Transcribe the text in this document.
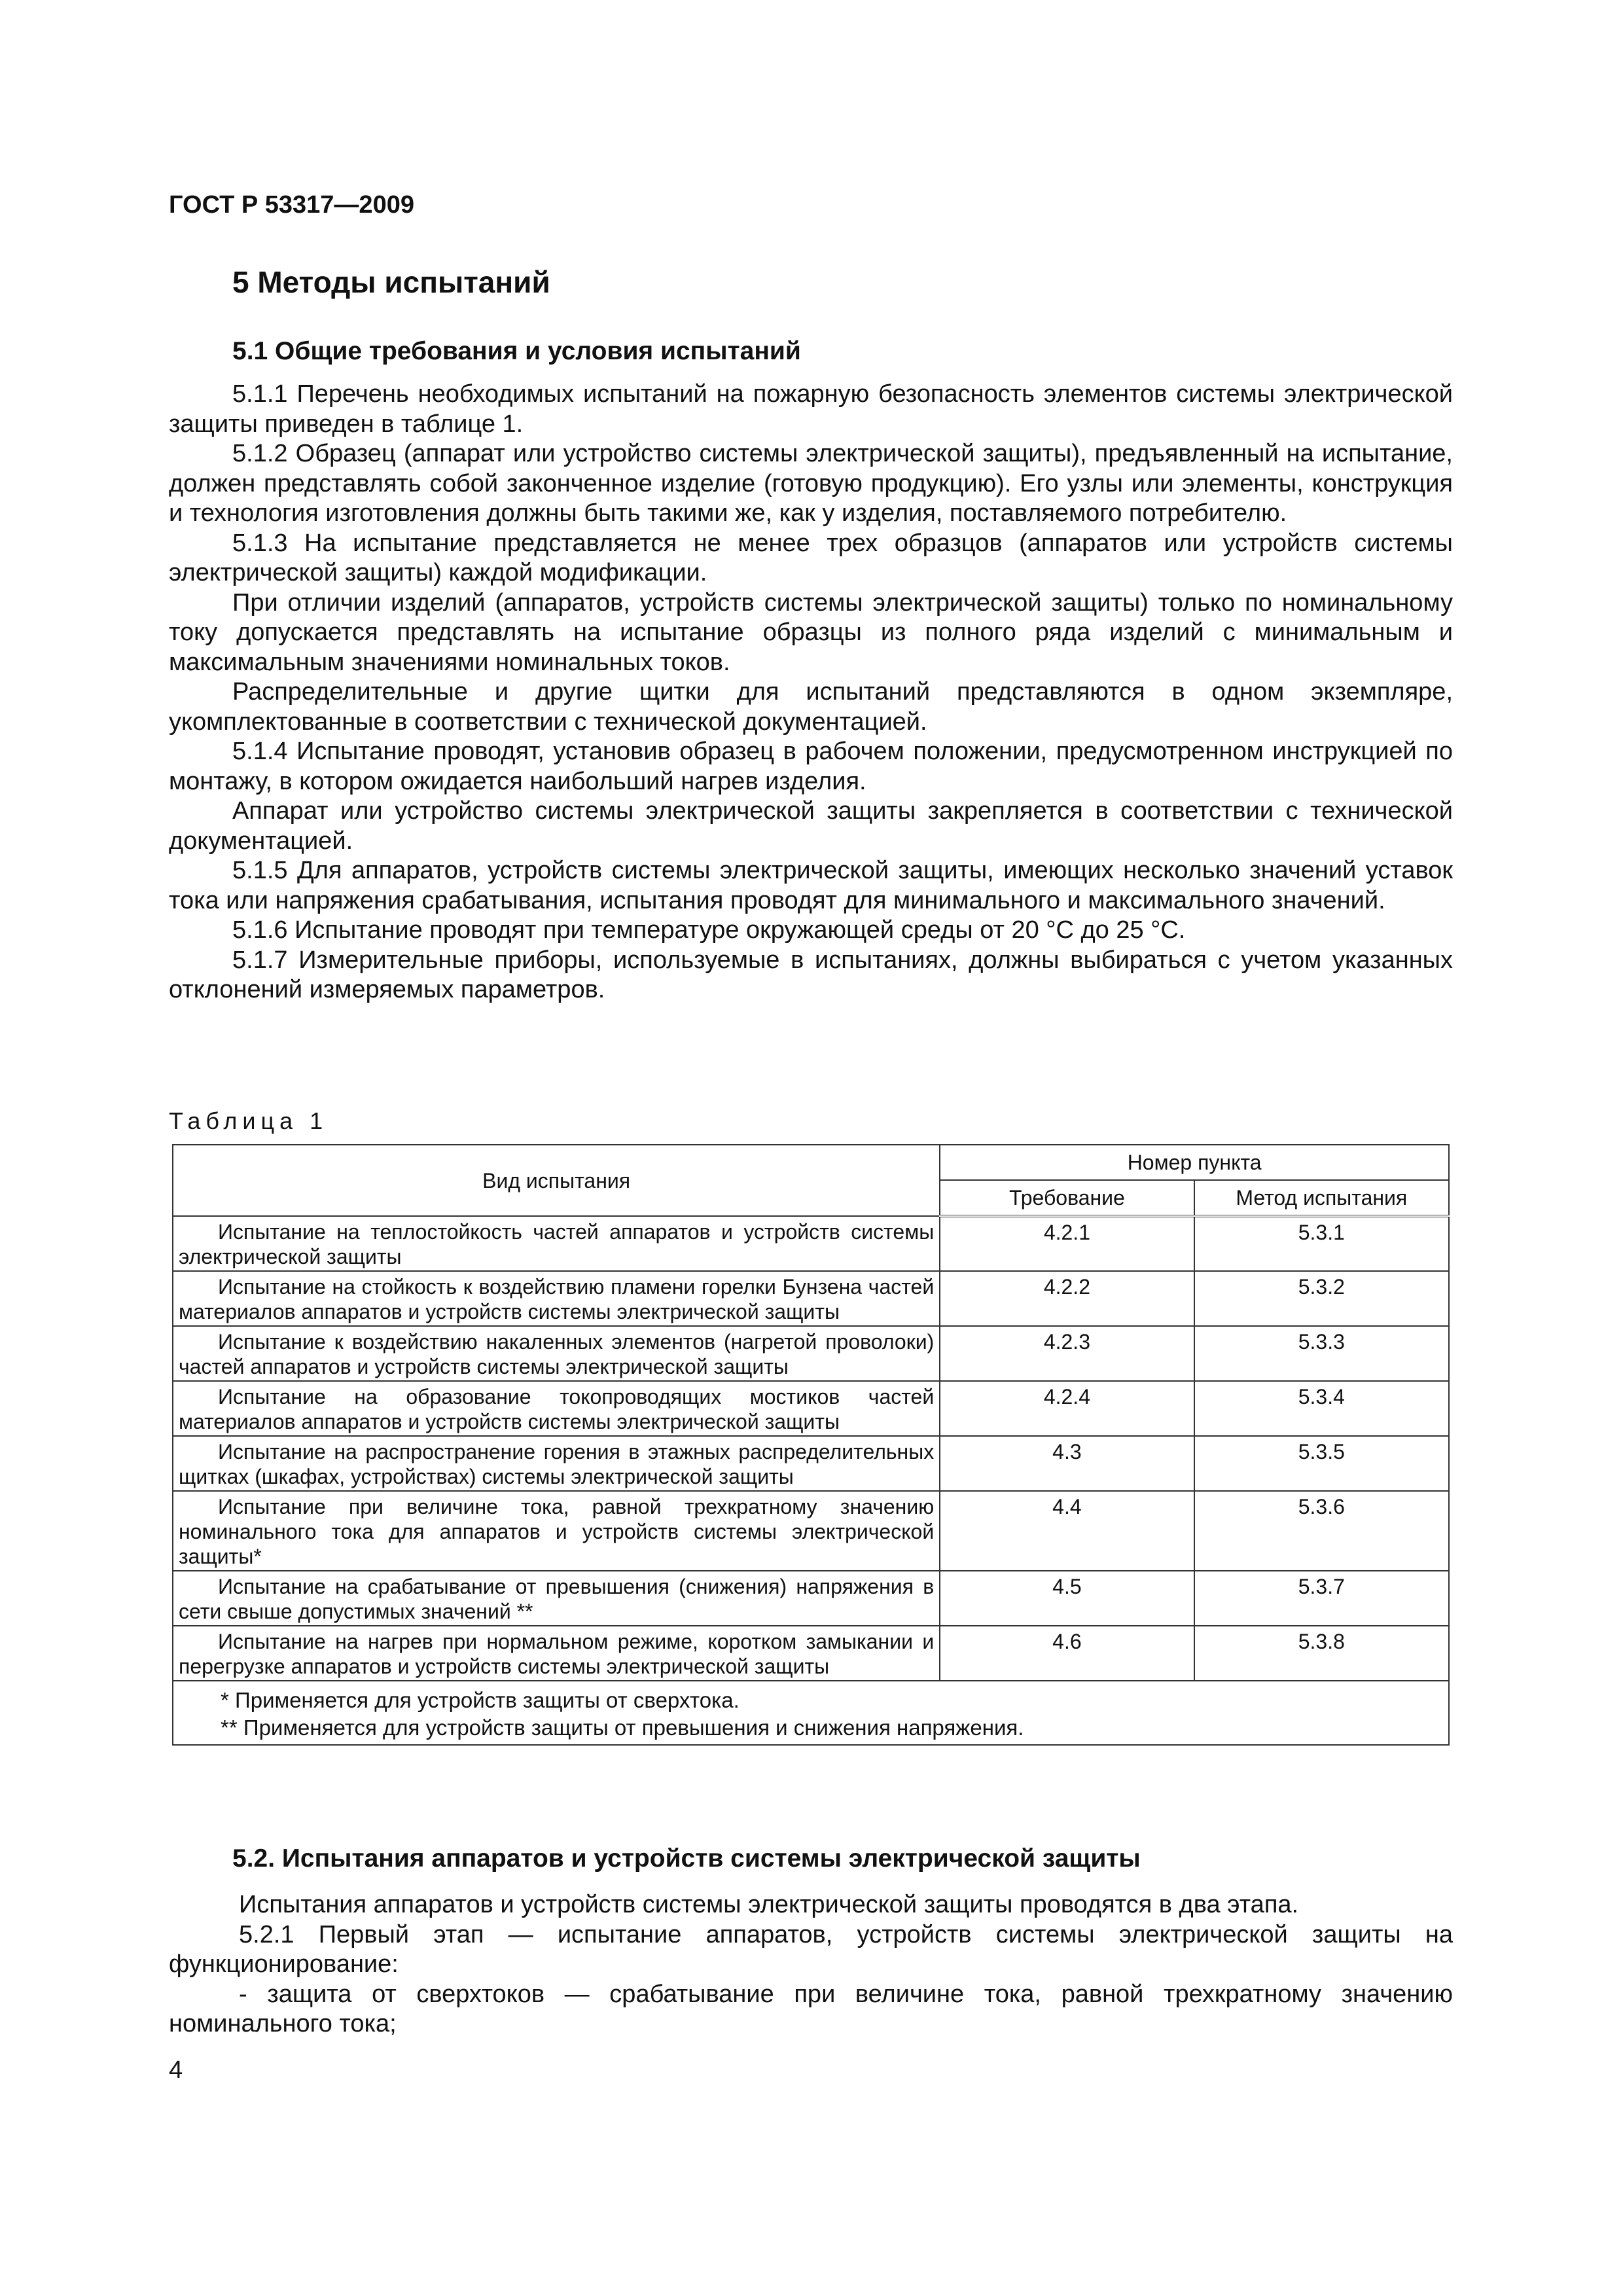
ГОСТ Р 53317—2009
5 Методы испытаний
5.1 Общие требования и условия испытаний

5.1.1 Перечень необходимых испытаний на пожарную безопасность элементов системы электрической защиты приведен в таблице 1.

5.1.2 Образец (аппарат или устройство системы электрической защиты), предъявленный на испытание, должен представлять собой законченное изделие (готовую продукцию). Его узлы или элементы, конструкция и технология изготовления должны быть такими же, как у изделия, поставляемого потребителю.

5.1.3 На испытание представляется не менее трех образцов (аппаратов или устройств системы электрической защиты) каждой модификации.

При отличии изделий (аппаратов, устройств системы электрической защиты) только по номинальному току допускается представлять на испытание образцы из полного ряда изделий с минимальным и максимальным значениями номинальных токов.

Распределительные и другие щитки для испытаний представляются в одном экземпляре, укомплектованные в соответствии с технической документацией.

5.1.4 Испытание проводят, установив образец в рабочем положении, предусмотренном инструкцией по монтажу, в котором ожидается наибольший нагрев изделия.

Аппарат или устройство системы электрической защиты закрепляется в соответствии с технической документацией.

5.1.5 Для аппаратов, устройств системы электрической защиты, имеющих несколько значений уставок тока или напряжения срабатывания, испытания проводят для минимального и максимального значений.

5.1.6 Испытание проводят при температуре окружающей среды от 20 °С до 25 °С.

5.1.7 Измерительные приборы, используемые в испытаниях, должны выбираться с учетом указанных отклонений измеряемых параметров.

Таблица 1
Вид испытания	Номер пункта	
	Требование	Метод испытания
Испытание на теплостойкость частей аппаратов и устройств системы электрической защиты	4.2.1	5.3.1
Испытание на стойкость к воздействию пламени горелки Бунзена частей материалов аппаратов и устройств системы электрической защиты	4.2.2	5.3.2
Испытание к воздействию накаленных элементов (нагретой проволоки) частей аппаратов и устройств системы электрической защиты	4.2.3	5.3.3
Испытание на образование токопроводящих мостиков частей материалов аппаратов и устройств системы электрической защиты	4.2.4	5.3.4
Испытание на распространение горения в этажных распределительных щитках (шкафах, устройствах) системы электрической защиты	4.3	5.3.5
Испытание при величине тока, равной трехкратному значению номинального тока для аппаратов и устройств системы электрической защиты*	4.4	5.3.6
Испытание на срабатывание от превышения (снижения) напряжения в сети свыше допустимых значений **	4.5	5.3.7
Испытание на нагрев при нормальном режиме, коротком замыкании и перегрузке аппаратов и устройств системы электрической защиты	4.6	5.3.8

* Применяется для устройств защиты от сверхтока.
** Применяется для устройств защиты от превышения и снижения напряжения.		
5.2. Испытания аппаратов и устройств системы электрической защиты

Испытания аппаратов и устройств системы электрической защиты проводятся в два этапа.

5.2.1 Первый этап — испытание аппаратов, устройств системы электрической защиты на функционирование:

- защита от сверхтоков — срабатывание при величине тока, равной трехкратному значению номинального тока;

4
